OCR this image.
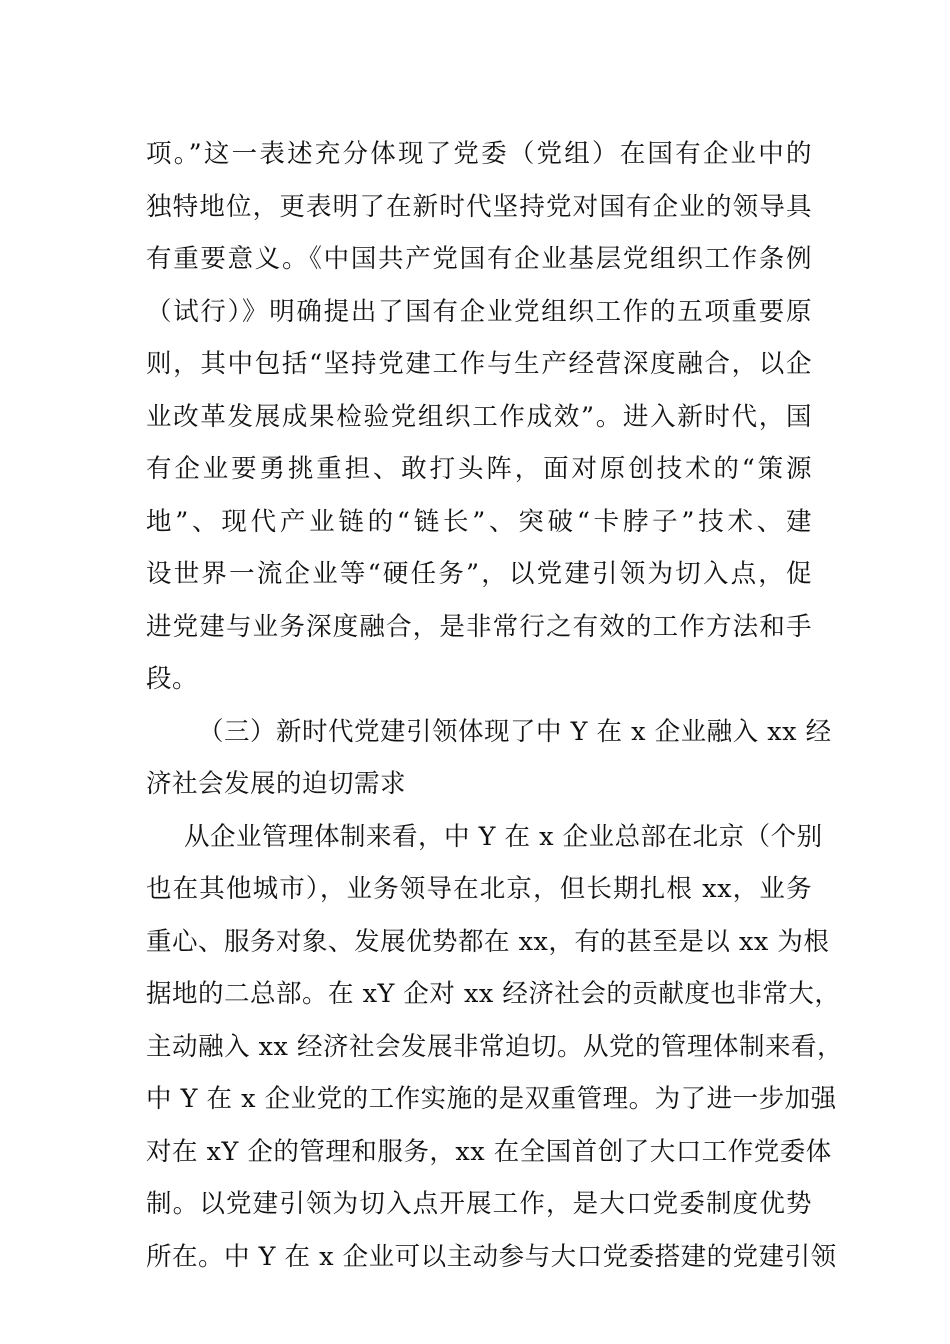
项。”这一表述充分体现了党委（党组）在国有企业中的
独特地位，更表明了在新时代坚持党对国有企业的领导具
有重要意义。《中国共产党国有企业基层党组织工作条例
（试行）》明确提出了国有企业党组织工作的五项重要原
则，其中包括“坚持党建工作与生产经营深度融合，以企
业改革发展成果检验党组织工作成效”。进入新时代，国
有企业要勇挑重担、敢打头阵，面对原创技术的“策源
地”、现代产业链的“链长”、突破“卡脖子”技术、建
设世界一流企业等“硬任务”，以党建引领为切入点，促
进党建与业务深度融合，是非常行之有效的工作方法和手
段。
（三）新时代党建引领体现了中 Y 在 x 企业融入 xx 经
济社会发展的迫切需求
从企业管理体制来看，中 Y 在 x 企业总部在北京（个别
也在其他城市），业务领导在北京，但长期扎根 xx，业务
重心、服务对象、发展优势都在 xx，有的甚至是以 xx 为根
据地的二总部。在 xY 企对 xx 经济社会的贡献度也非常大，
主动融入 xx 经济社会发展非常迫切。从党的管理体制来看，
中 Y 在 x 企业党的工作实施的是双重管理。为了进一步加强
对在 xY 企的管理和服务，xx 在全国首创了大口工作党委体
制。以党建引领为切入点开展工作，是大口党委制度优势
所在。中 Y 在 x 企业可以主动参与大口党委搭建的党建引领
